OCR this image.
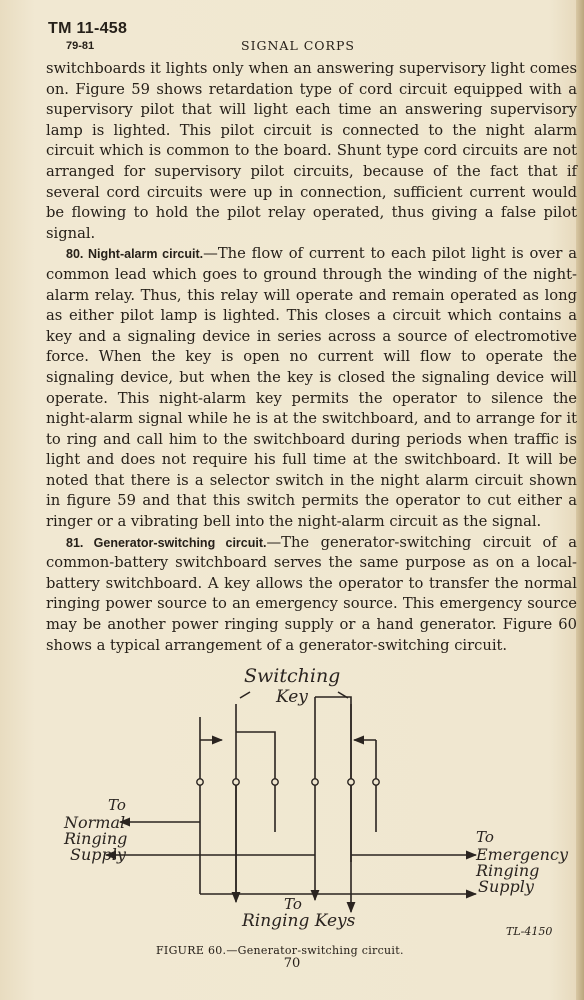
TM 11-458
79-81	SIGNAL CORPS

switchboards it lights only when an answering supervisory light comes on. Figure 59 shows retardation type of cord circuit equipped with a supervisory pilot that will light each time an answering supervisory lamp is lighted. This pilot circuit is connected to the night alarm circuit which is common to the board. Shunt type cord circuits are not arranged for supervisory pilot circuits, because of the fact that if several cord circuits were up in connection, sufficient current would be flowing to hold the pilot relay operated, thus giving a false pilot signal.

80. Night-alarm circuit.—The flow of current to each pilot light is over a common lead which goes to ground through the winding of the night-alarm relay. Thus, this relay will operate and remain operated as long as either pilot lamp is lighted. This closes a circuit which contains a key and a signaling device in series across a source of electromotive force. When the key is open no current will flow to operate the signaling device, but when the key is closed the signaling device will operate. This night-alarm key permits the operator to silence the night-alarm signal while he is at the switchboard, and to arrange for it to ring and call him to the switchboard during periods when traffic is light and does not require his full time at the switchboard. It will be noted that there is a selector switch in the night alarm circuit shown in figure 59 and that this switch permits the operator to cut either a ringer or a vibrating bell into the night-alarm circuit as the signal.

81. Generator-switching circuit.—The generator-switching circuit of a common-battery switchboard serves the same purpose as on a local-battery switchboard. A key allows the operator to transfer the normal ringing power source to an emergency source. This emergency source may be another power ringing supply or a hand generator. Figure 60 shows a typical arrangement of a generator-switching circuit.

Switching
Key
To
Normal
Ringing
Supply
To
Emergency
Ringing
Supply
To
Ringing Keys
TL-4150
FIGURE 60.—Generator-switching circuit.
70
